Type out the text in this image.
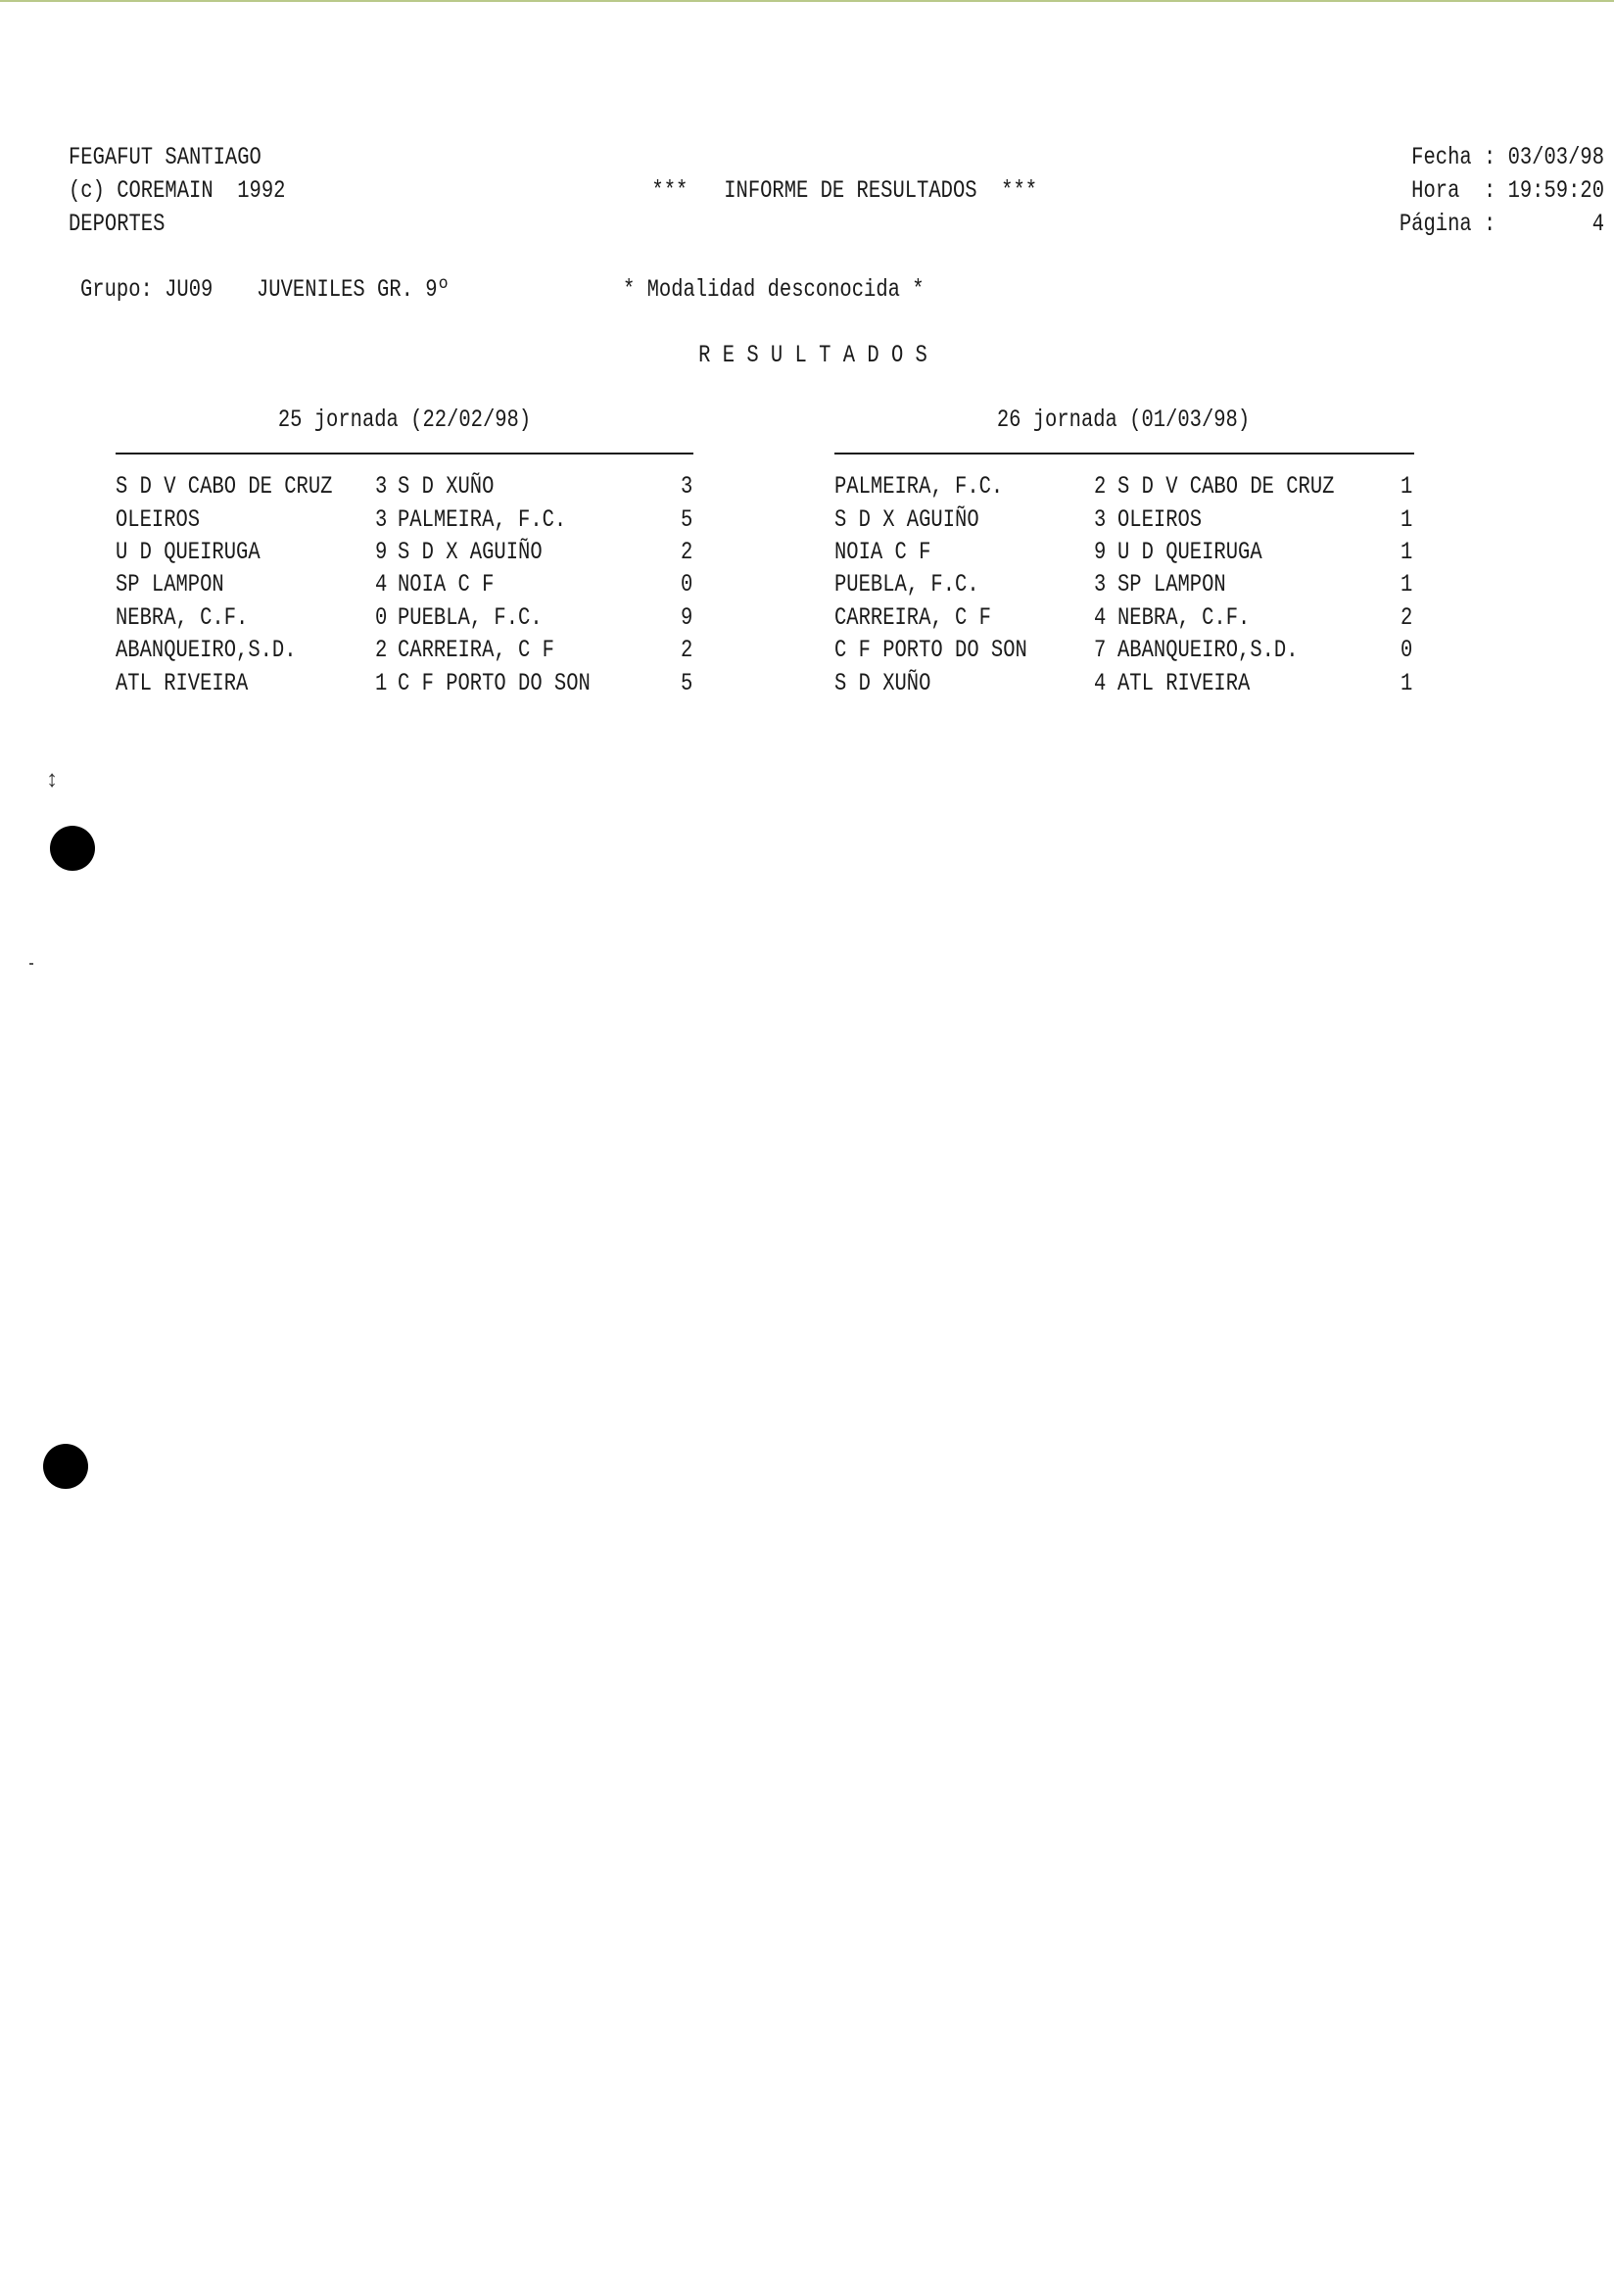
FEGAFUT SANTIAGO
(c) COREMAIN  1992
DEPORTES
***   INFORME DE RESULTADOS  ***
Fecha : 03/03/98
Hora  : 19:59:20
Página :        4
Grupo: JU09 JUVENILES GR. 9º	* Modalidad desconocida *
R E S U L T A D O S
25 jornada (22/02/98)
S D V CABO DE CRUZ 3 S D XUÑO	3
OLEIROS	3 PALMEIRA, F.C.	5
U D QUEIRUGA	9 S D X AGUIÑO	2
SP LAMPON	4 NOIA C F	0
NEBRA, C.F.	0 PUEBLA, F.C.	9
ABANQUEIRO,S.D.	2 CARREIRA, C F	2
ATL RIVEIRA	1 C F PORTO DO SON	5
26 jornada (01/03/98)
PALMEIRA, F.C.	2 S D V CABO DE CRUZ	1
S D X AGUIÑO	3 OLEIROS	1
NOIA C F	9 U D QUEIRUGA	1
PUEBLA, F.C.	3 SP LAMPON	1
CARREIRA, C F	4 NEBRA, C.F.	2
C F PORTO DO SON	7 ABANQUEIRO,S.D.	0
S D XUÑO	4 ATL RIVEIRA	1
↕
